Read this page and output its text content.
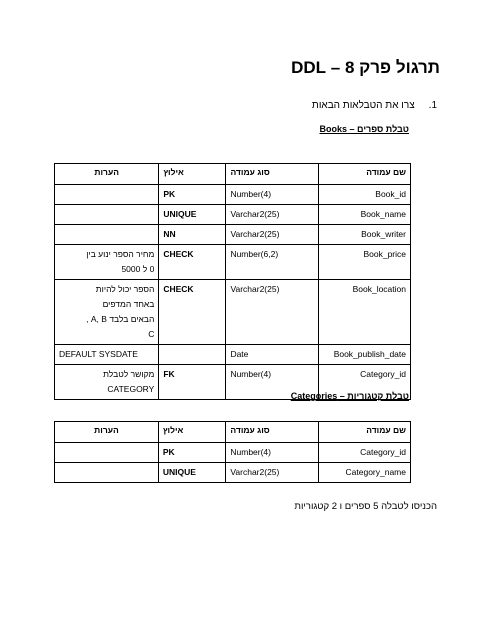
תרגול פרק 8 – DDL
1.צרו את הטבלאות הבאות
טבלת ספרים – Books
שם עמודה	סוג עמודה	אילוץ	הערות
Book_id	Number(4)	PK	
Book_name	Varchar2(25)	UNIQUE	
Book_writer	Varchar2(25)	NN	
Book_price	Number(6,2)	CHECK	מחיר הספר ינוע בין
0 ל 5000

Book_location	Varchar2(25)	CHECK	הספר יכול להיות
באחד המדפים
הבאים בלבד A, B ,
C

Book_publish_date	Date		DEFAULT SYSDATE

Category_id	Number(4)	FK	מקושר לטבלת
CATEGORY
טבלת קטגוריות – Categories
שם עמודה	סוג עמודה	אילוץ	הערות
Category_id	Number(4)	PK	
Category_name	Varchar2(25)	UNIQUE	
הכניסו לטבלה 5 ספרים ו 2 קטגוריות
